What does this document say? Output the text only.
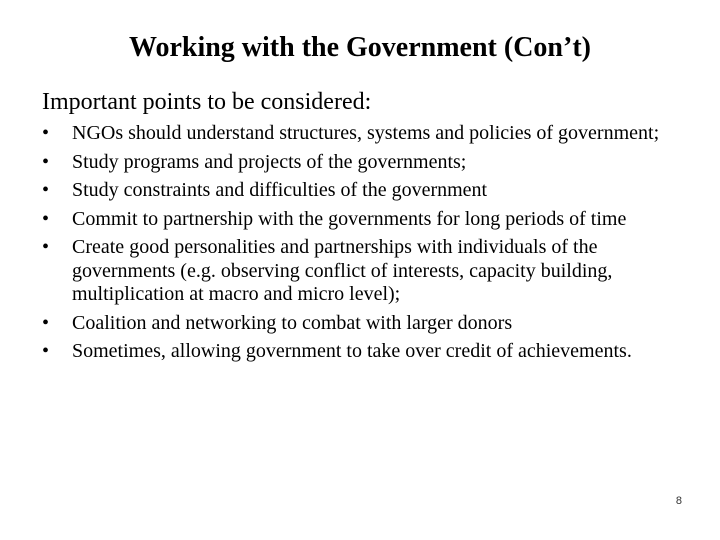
Working with the Government (Con’t)

Important points to be considered:

•	NGOs should understand structures, systems and policies of government;
•	Study programs and projects of the governments;
•	Study constraints and difficulties of the government
•	Commit to partnership with the governments for long periods of time
•	Create good personalities and partnerships with individuals of the governments (e.g. observing conflict of interests, capacity building, multiplication at macro and micro level);
•	Coalition and networking to combat with larger donors
•	Sometimes, allowing government to take over credit of achievements.
8
